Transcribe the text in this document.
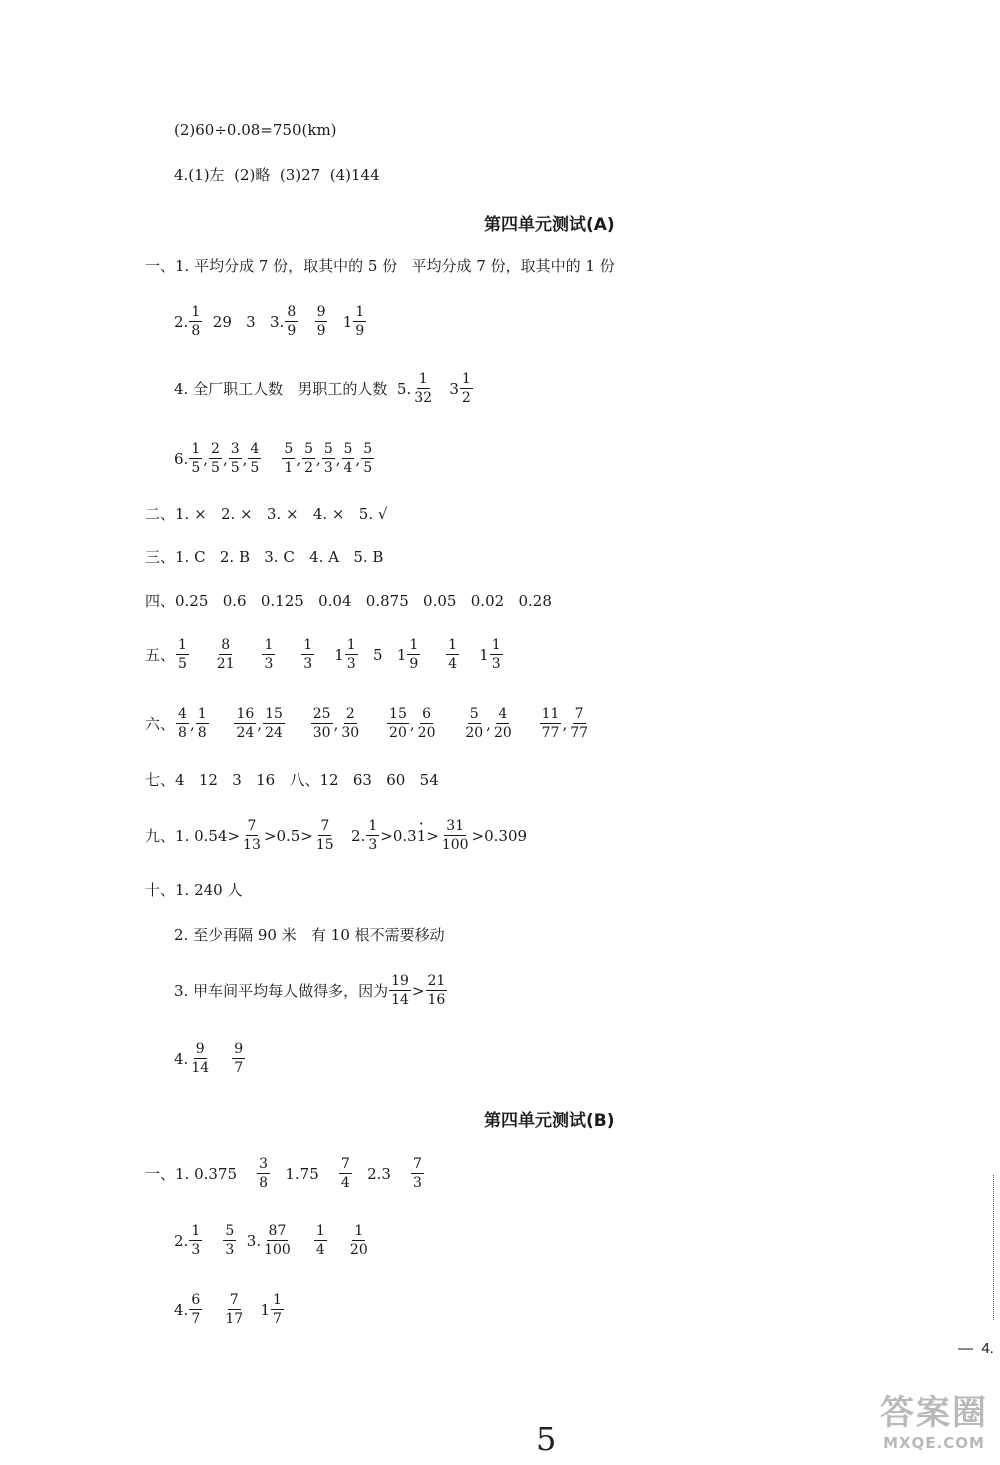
(2)60÷0.08=750(km)
4.(1)左  (2)略  (3)27  (4)144
第四单元测试(A)
一、1. 平均分成 7 份，取其中的 5 份   平均分成 7 份，取其中的 1 份
2. $\frac{1}{8} 29$   3   3. $\frac{8}{9}$
$\frac{9}{9}$
$1 \frac{1}{9}$
4. 全厂职工人数   男职工的人数  5. $\frac{1}{32}$
$3 \frac{1}{2}$
6. $\frac{1}{5}$ , $\frac{2}{5}$ , $\frac{3}{5}$ , $\frac{4}{5}$
$\frac{5}{1}$ , $\frac{5}{2}$ , $\frac{5}{3}$ , $\frac{5}{4}$ , $\frac{5}{5}$
二、1. ×   2. ×   3. ×   4. ×   5. √
三、1. C   2. B   3. C   4. A   5. B
四、0.25   0.6   0.125   0.04   0.875   0.05   0.02   0.28
五、 $\frac{1}{5}$
$\frac{8}{21}$
$\frac{1}{3}$
$\frac{1}{3}$
$1 \frac{1}{3}$
5   $1 \frac{1}{9}$
$\frac{1}{4}$
$1 \frac{1}{3}$
六、 $\frac{4}{8}$ , $\frac{1}{8}$
$\frac{16}{24}$ , $\frac{15}{24}$
$\frac{25}{30}$ , $\frac{2}{30}$
$\frac{15}{20}$ , $\frac{6}{20}$
$\frac{5}{20}$ , $\frac{4}{20}$
$\frac{11}{77}$ , $\frac{7}{77}$
七、4   12   3   16   八、12   63   60   54
九、1. $0.54> \frac{7}{13} >0.5> \frac{7}{15} 2$. $\frac{1}{3} >0.3$
· $1 > \frac{31}{100} >0.309$
十、1. 240 人
2. 至少再隔 90 米   有 10 根不需要移动
3. 甲车间平均每人做得多，因为 $\frac{19}{14} > \frac{21}{16}$
4. $\frac{9}{14}$
$\frac{9}{7}$
第四单元测试(B)
一、1. 0.375
$\frac{3}{8}$
1.75
$\frac{7}{4}$
2.3
$\frac{7}{3}$
2. $\frac{1}{3}$
$\frac{5}{3}$
3. $\frac{87}{100}$
$\frac{1}{4}$
$\frac{1}{20}$
4. $\frac{6}{7}$
$\frac{7}{17}$
$1 \frac{1}{7}$
—  4.
5
答案圈
MXQE.COM
